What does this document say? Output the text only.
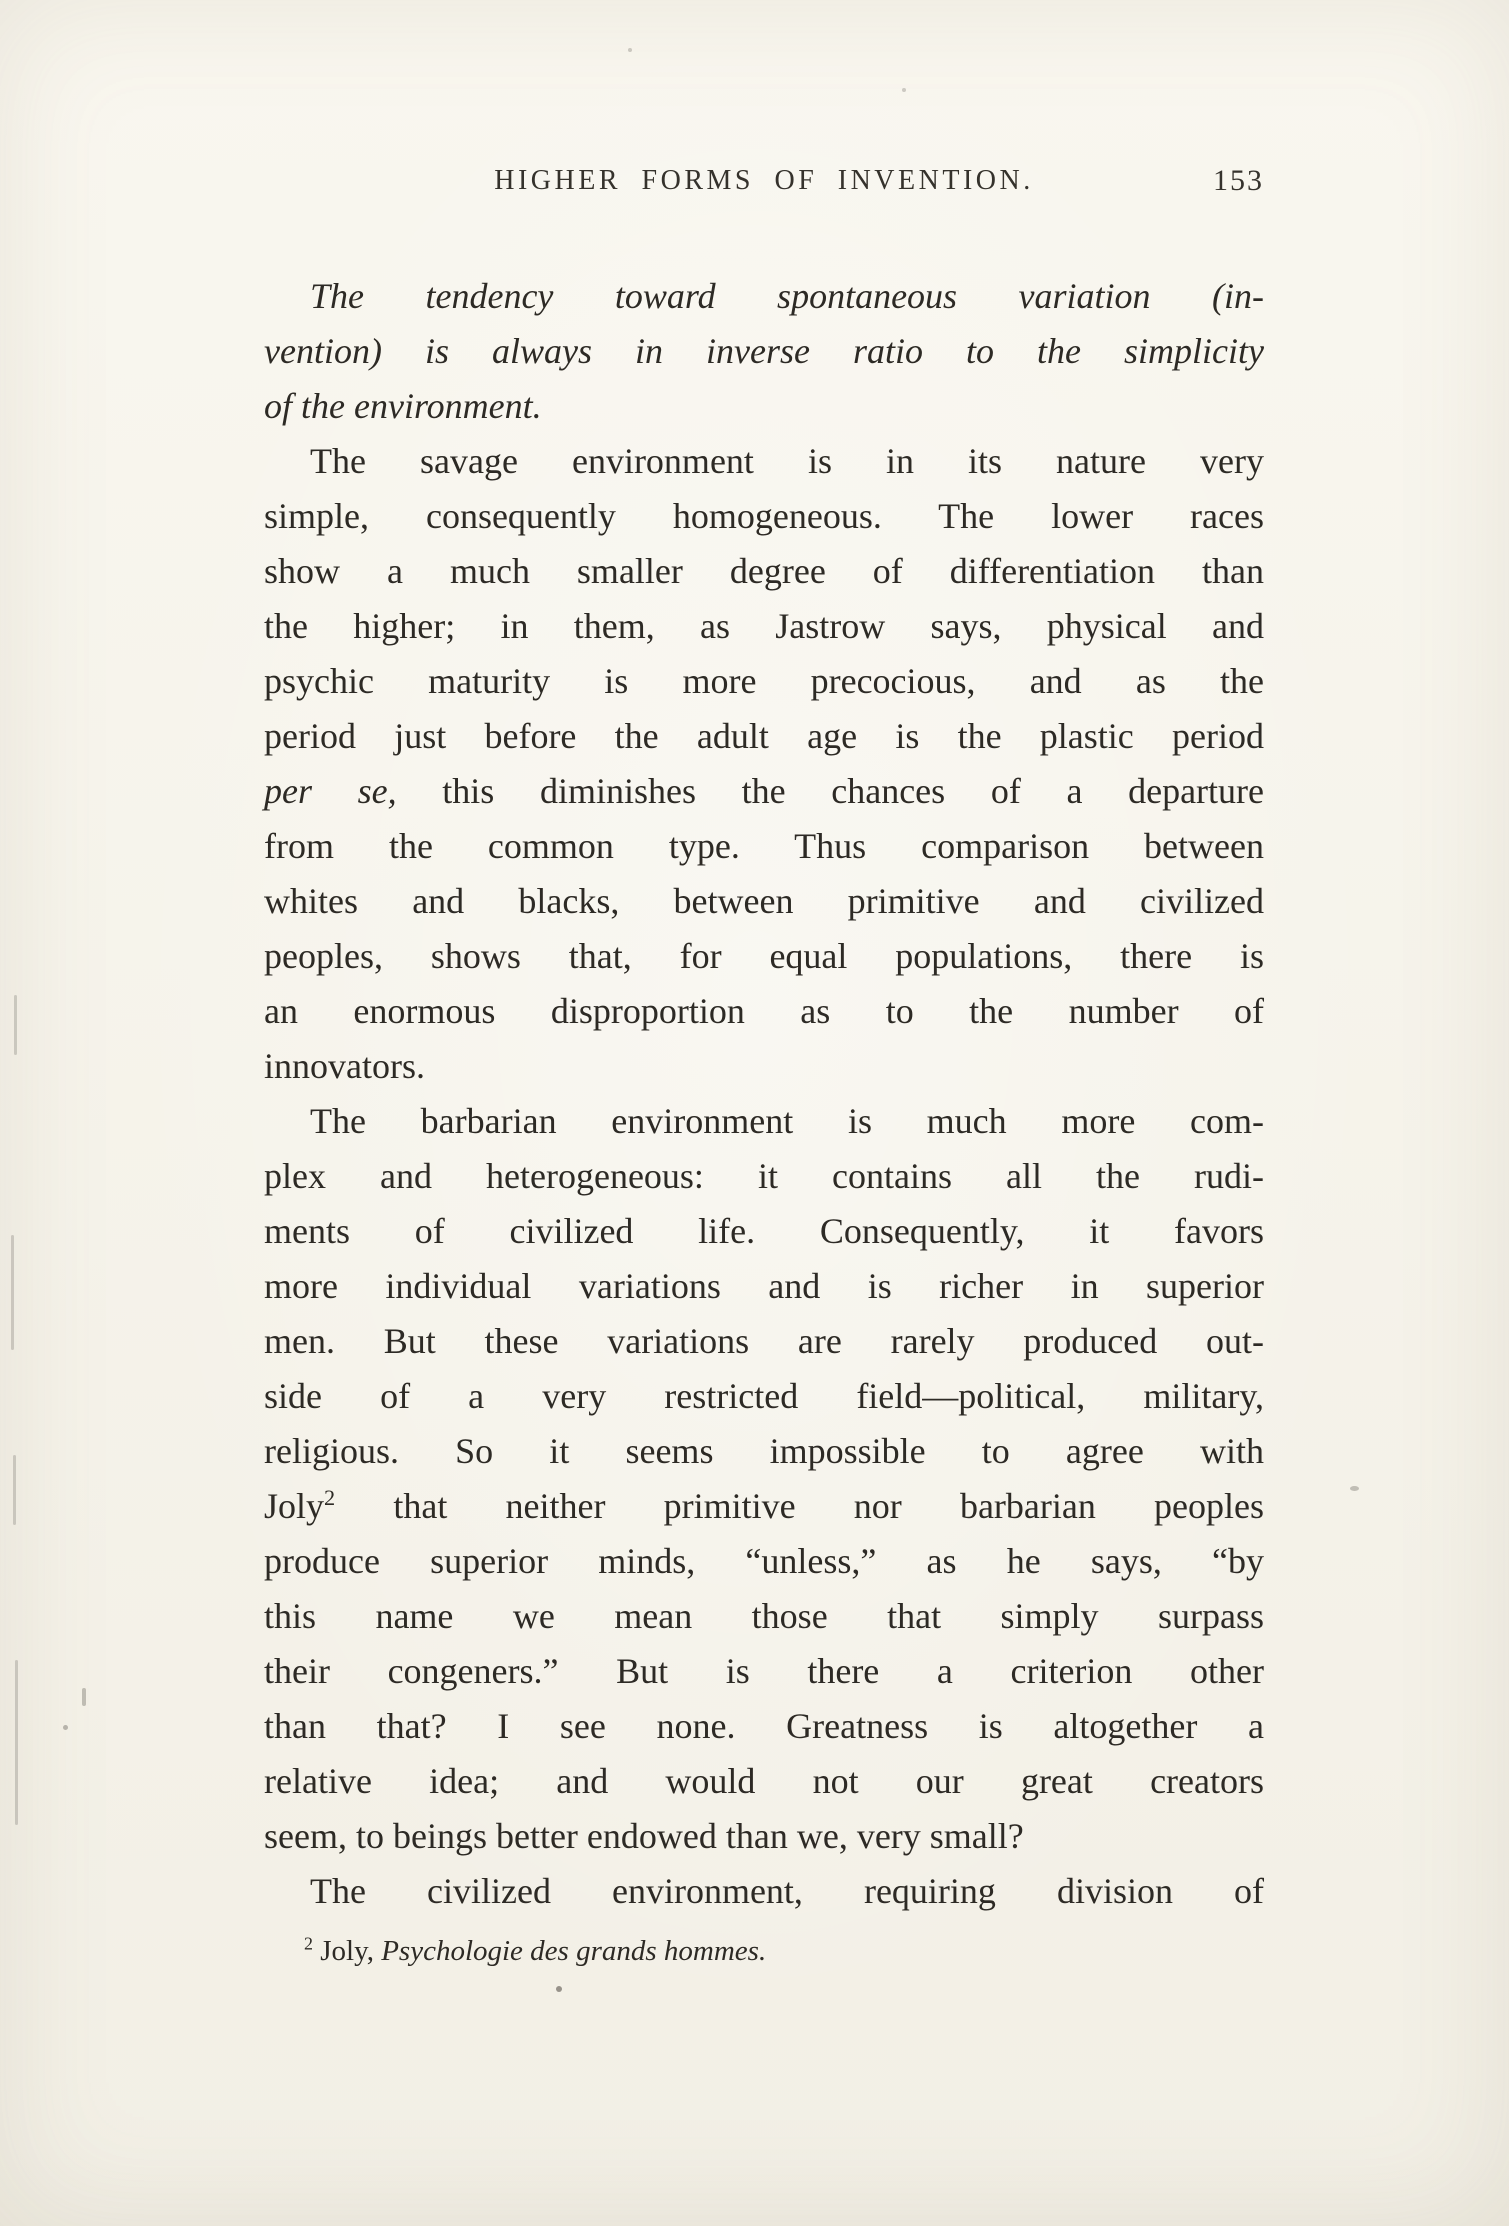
HIGHER FORMS OF INVENTION.	153
The tendency toward spontaneous variation (in-
vention) is always in inverse ratio to the simplicity
of the environment.
The savage environment is in its nature very
simple, consequently homogeneous. The lower races
show a much smaller degree of differentiation than
the higher; in them, as Jastrow says, physical and
psychic maturity is more precocious, and as the
period just before the adult age is the plastic period
per se, this diminishes the chances of a departure
from the common type. Thus comparison between
whites and blacks, between primitive and civilized
peoples, shows that, for equal populations, there is
an enormous disproportion as to the number of
innovators.
The barbarian environment is much more com-
plex and heterogeneous: it contains all the rudi-
ments of civilized life. Consequently, it favors
more individual variations and is richer in superior
men. But these variations are rarely produced out-
side of a very restricted field—political, military,
religious. So it seems impossible to agree with
Joly$^2$ that neither primitive nor barbarian peoples
produce superior minds, “unless,” as he says, “by
this name we mean those that simply surpass
their congeners.” But is there a criterion other
than that? I see none. Greatness is altogether a
relative idea; and would not our great creators
seem, to beings better endowed than we, very small?
The civilized environment, requiring division of
$^2$ Joly, Psychologie des grands hommes.
